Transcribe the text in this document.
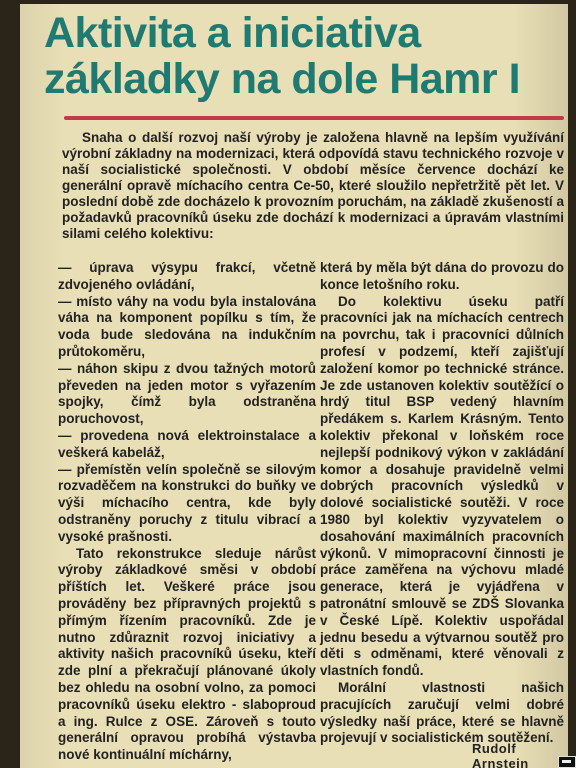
Aktivita a iniciativa
základky na dole Hamr I
Snaha o další rozvoj naší výroby je založena hlavně na lepším využívání výrobní základny na modernizaci, která odpovídá stavu technického rozvoje v naší socialistické společnosti. V období měsíce července dochází ke generální opravě míchacího centra Ce-50, které sloužilo nepřetržitě pět let. V poslední době zde docházelo k provozním poruchám, na základě zkušeností a požadavků pracovníků úseku zde dochází k modernizaci a úpravám vlastními silami celého kolektivu:

— úprava výsypu frakcí, včetně zdvojeného ovládání,

— místo váhy na vodu byla instalována váha na komponent popílku s tím, že voda bude sledována na indukčním průtokoměru,

— náhon skipu z dvou tažných motorů převeden na jeden motor s vyřazením spojky, čímž byla odstraněna poruchovost,

— provedena nová elektroinstalace a veškerá kabeláž,

— přemístěn velín společně se silovým rozvaděčem na konstrukci do buňky ve výši míchacího centra, kde byly odstraněny poruchy z titulu vibrací a vysoké prašnosti.

Tato rekonstrukce sleduje nárůst výroby základkové směsi v období příštích let. Veškeré práce jsou prováděny bez přípravných projektů s přímým řízením pracovníků. Zde je nutno zdůraznit rozvoj iniciativy a aktivity našich pracovníků úseku, kteří zde plní a překračují plánované úkoly bez ohledu na osobní volno, za pomoci pracovníků úseku elektro - slaboproud a ing. Rulce z OSE. Zároveň s touto generální opravou probíhá výstavba nové kontinuální míchárny,

která by měla být dána do provozu do konce letošního roku.

Do kolektivu úseku patří pracovníci jak na míchacích centrech na povrchu, tak i pracovníci důlních profesí v podzemí, kteří zajišťují založení komor po technické stránce. Je zde ustanoven kolektiv soutěžící o hrdý titul BSP vedený hlavním předákem s. Karlem Krásným. Tento kolektiv překonal v loňském roce nejlepší podnikový výkon v zakládání komor a dosahuje pravidelně velmi dobrých pracovních výsledků v dolové socialistické soutěži. V roce 1980 byl kolektiv vyzyvatelem o dosahování maximálních pracovních výkonů. V mimopracovní činnosti je práce zaměřena na výchovu mladé generace, která je vyjádřena v patronátní smlouvě se ZDŠ Slovanka v České Lípě. Kolektiv uspořádal jednu besedu a výtvarnou soutěž pro děti s odměnami, které věnovali z vlastních fondů.

Morální vlastnosti našich pracujících zaručují velmi dobré výsledky naší práce, které se hlavně projevují v socialistickém soutěžení.

Rudolf Arnstein
